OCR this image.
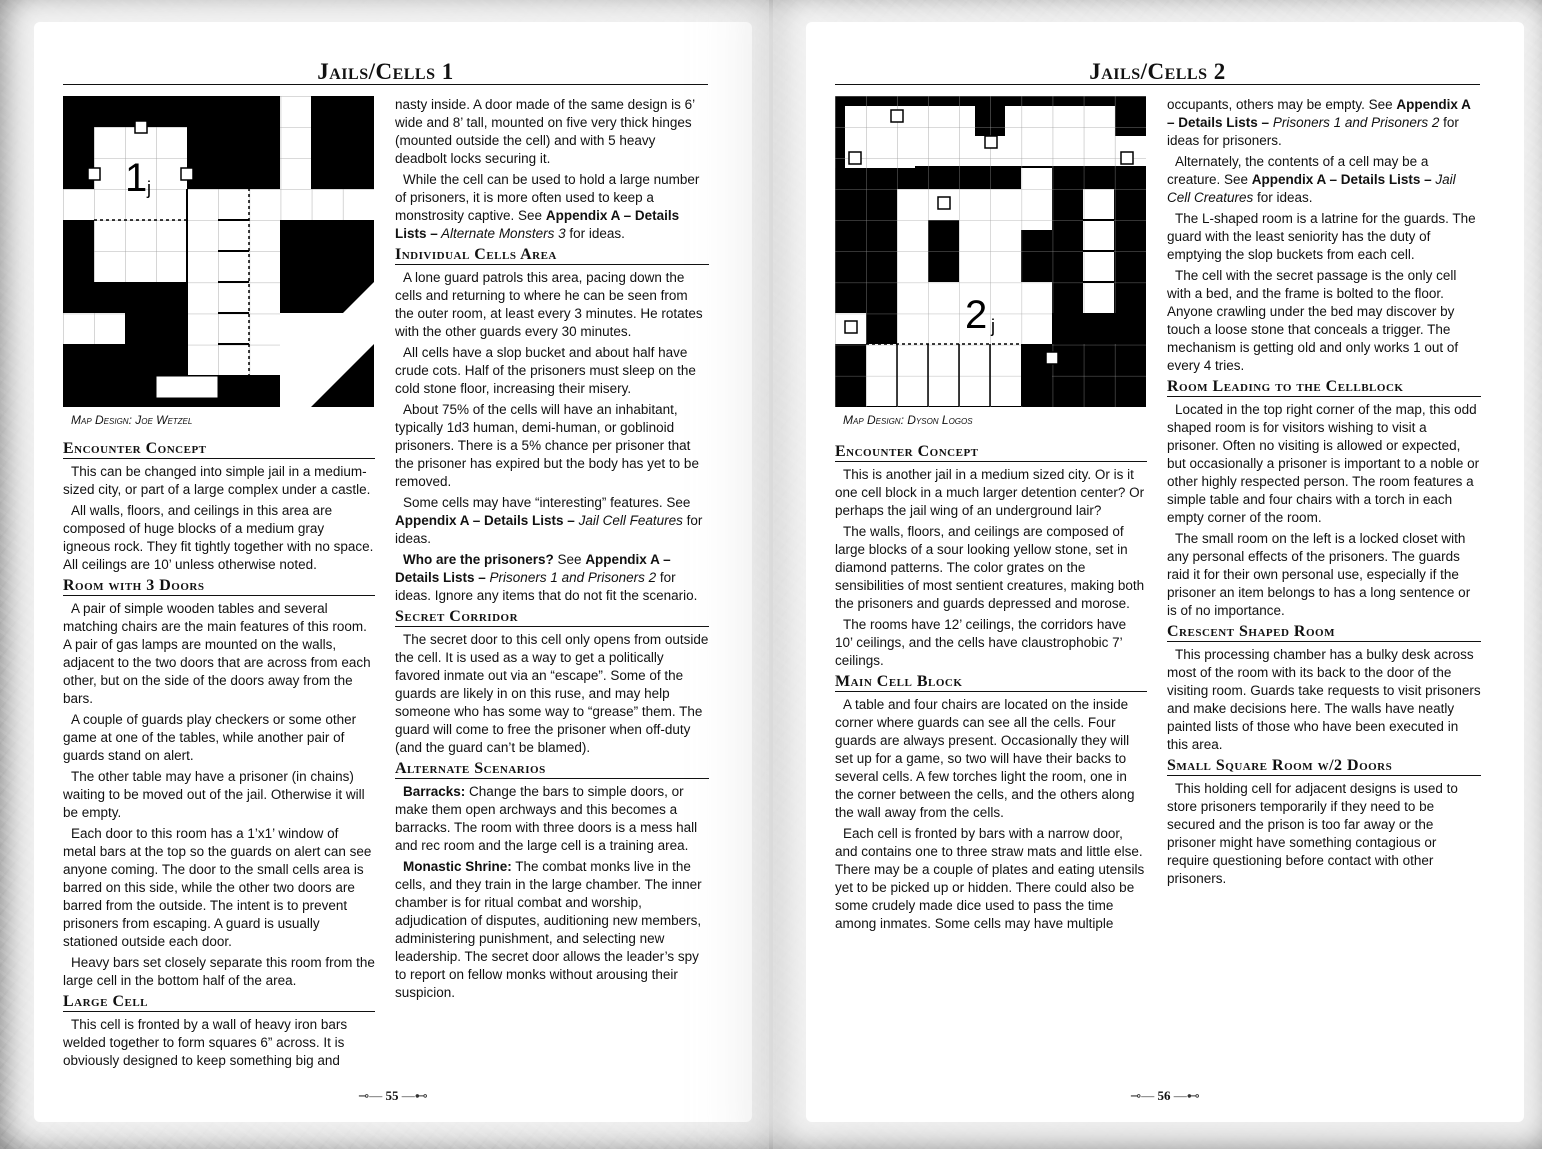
Jails/Cells 1
1 j
Map Design: Joe Wetzel
Encounter Concept

This can be changed into simple jail in a medium-sized city, or part of a large complex under a castle.

All walls, floors, and ceilings in this area are composed of huge blocks of a medium gray igneous rock. They fit tightly together with no space. All ceilings are 10’ unless otherwise noted.

Room with 3 Doors

A pair of simple wooden tables and several matching chairs are the main features of this room. A pair of gas lamps are mounted on the walls, adjacent to the two doors that are across from each other, but on the side of the doors away from the bars.

A couple of guards play checkers or some other game at one of the tables, while another pair of guards stand on alert.

The other table may have a prisoner (in chains) waiting to be moved out of the jail. Otherwise it will be empty.

Each door to this room has a 1’x1’ window of metal bars at the top so the guards on alert can see anyone coming. The door to the small cells area is barred on this side, while the other two doors are barred from the outside. The intent is to prevent prisoners from escaping. A guard is usually stationed outside each door.

Heavy bars set closely separate this room from the large cell in the bottom half of the area.

Large Cell

This cell is fronted by a wall of heavy iron bars welded together to form squares 6” across. It is obviously designed to keep something big and

nasty inside. A door made of the same design is 6’ wide and 8’ tall, mounted on five very thick hinges (mounted outside the cell) and with 5 heavy deadbolt locks securing it.

While the cell can be used to hold a large number of prisoners, it is more often used to keep a monstrosity captive. See Appendix A – Details Lists – Alternate Monsters 3 for ideas.

Individual Cells Area

A lone guard patrols this area, pacing down the cells and returning to where he can be seen from the outer room, at least every 3 minutes. He rotates with the other guards every 30 minutes.

All cells have a slop bucket and about half have crude cots. Half of the prisoners must sleep on the cold stone floor, increasing their misery.

About 75% of the cells will have an inhabitant, typically 1d3 human, demi-human, or goblinoid prisoners. There is a 5% chance per prisoner that the prisoner has expired but the body has yet to be removed.

Some cells may have “interesting” features. See Appendix A – Details Lists – Jail Cell Features for ideas.

Who are the prisoners? See Appendix A – Details Lists – Prisoners 1 and Prisoners 2 for ideas. Ignore any items that do not fit the scenario.

Secret Corridor

The secret door to this cell only opens from outside the cell. It is used as a way to get a politically favored inmate out via an “escape”. Some of the guards are likely in on this ruse, and may help someone who has some way to “grease” them. The guard will come to free the prisoner when off-duty (and the guard can’t be blamed).

Alternate Scenarios

Barracks: Change the bars to simple doors, or make them open archways and this becomes a barracks. The room with three doors is a mess hall and rec room and the large cell is a training area.

Monastic Shrine: The combat monks live in the cells, and they train in the large chamber. The inner chamber is for ritual combat and worship, adjudication of disputes, auditioning new members, administering punishment, and selecting new leadership. The secret door allows the leader’s spy to report on fellow monks without arousing their suspicion.

⊸— 55 —⊷
Jails/Cells 2
2 j
Map Design: Dyson Logos
Encounter Concept

This is another jail in a medium sized city. Or is it one cell block in a much larger detention center? Or perhaps the jail wing of an underground lair?

The walls, floors, and ceilings are composed of large blocks of a sour looking yellow stone, set in diamond patterns. The color grates on the sensibilities of most sentient creatures, making both the prisoners and guards depressed and morose.

The rooms have 12’ ceilings, the corridors have 10’ ceilings, and the cells have claustrophobic 7’ ceilings.

Main Cell Block

A table and four chairs are located on the inside corner where guards can see all the cells. Four guards are always present. Occasionally they will set up for a game, so two will have their backs to several cells. A few torches light the room, one in the corner between the cells, and the others along the wall away from the cells.

Each cell is fronted by bars with a narrow door, and contains one to three straw mats and little else. There may be a couple of plates and eating utensils yet to be picked up or hidden. There could also be some crudely made dice used to pass the time among inmates. Some cells may have multiple

occupants, others may be empty. See Appendix A – Details Lists – Prisoners 1 and Prisoners 2 for ideas for prisoners.

Alternately, the contents of a cell may be a creature. See Appendix A – Details Lists – Jail Cell Creatures for ideas.

The L-shaped room is a latrine for the guards. The guard with the least seniority has the duty of emptying the slop buckets from each cell.

The cell with the secret passage is the only cell with a bed, and the frame is bolted to the floor. Anyone crawling under the bed may discover by touch a loose stone that conceals a trigger. The mechanism is getting old and only works 1 out of every 4 tries.

Room Leading to the Cellblock

Located in the top right corner of the map, this odd shaped room is for visitors wishing to visit a prisoner. Often no visiting is allowed or expected, but occasionally a prisoner is important to a noble or other highly respected person. The room features a simple table and four chairs with a torch in each empty corner of the room.

The small room on the left is a locked closet with any personal effects of the prisoners. The guards raid it for their own personal use, especially if the prisoner an item belongs to has a long sentence or is of no importance.

Crescent Shaped Room

This processing chamber has a bulky desk across most of the room with its back to the door of the visiting room. Guards take requests to visit prisoners and make decisions here. The walls have neatly painted lists of those who have been executed in this area.

Small Square Room w/2 Doors

This holding cell for adjacent designs is used to store prisoners temporarily if they need to be secured and the prison is too far away or the prisoner might have something contagious or require questioning before contact with other prisoners.

⊸— 56 —⊷
